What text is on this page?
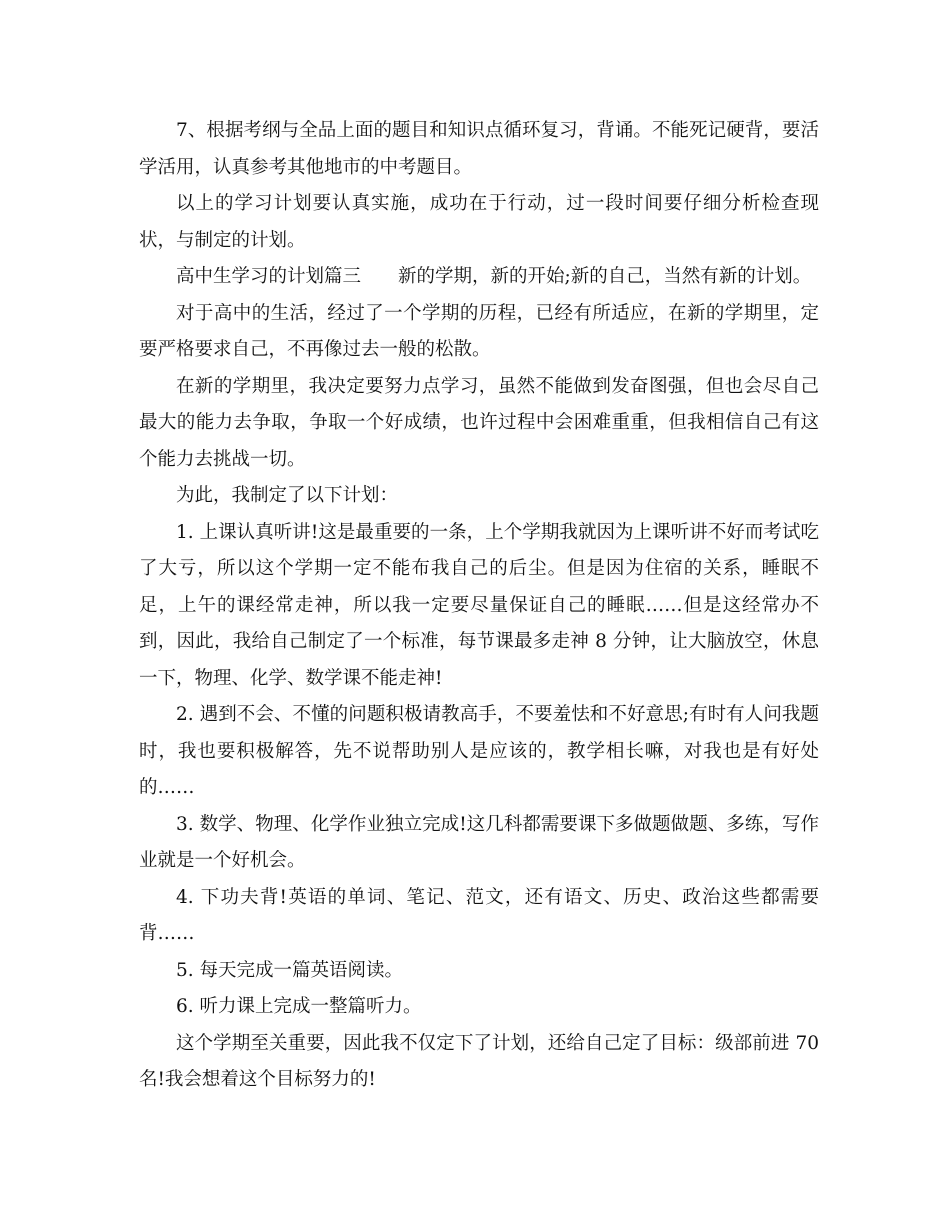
7、根据考纲与全品上面的题目和知识点循环复习，背诵。不能死记硬背，要活学活用，认真参考其他地市的中考题目。

以上的学习计划要认真实施，成功在于行动，过一段时间要仔细分析检查现状，与制定的计划。

高中生学习的计划篇三　　新的学期，新的开始;新的自己，当然有新的计划。

对于高中的生活，经过了一个学期的历程，已经有所适应，在新的学期里，定要严格要求自己，不再像过去一般的松散。

在新的学期里，我决定要努力点学习，虽然不能做到发奋图强，但也会尽自己最大的能力去争取，争取一个好成绩，也许过程中会困难重重，但我相信自己有这个能力去挑战一切。

为此，我制定了以下计划：

1. 上课认真听讲!这是最重要的一条，上个学期我就因为上课听讲不好而考试吃了大亏，所以这个学期一定不能布我自己的后尘。但是因为住宿的关系，睡眠不足，上午的课经常走神，所以我一定要尽量保证自己的睡眠……但是这经常办不到，因此，我给自己制定了一个标准，每节课最多走神 8 分钟，让大脑放空，休息一下，物理、化学、数学课不能走神!

2. 遇到不会、不懂的问题积极请教高手，不要羞怯和不好意思;有时有人问我题时，我也要积极解答，先不说帮助别人是应该的，教学相长嘛，对我也是有好处的……

3. 数学、物理、化学作业独立完成!这几科都需要课下多做题做题、多练，写作业就是一个好机会。

4. 下功夫背!英语的单词、笔记、范文，还有语文、历史、政治这些都需要背……

5. 每天完成一篇英语阅读。

6. 听力课上完成一整篇听力。

这个学期至关重要，因此我不仅定下了计划，还给自己定了目标：级部前进 70 名!我会想着这个目标努力的!
